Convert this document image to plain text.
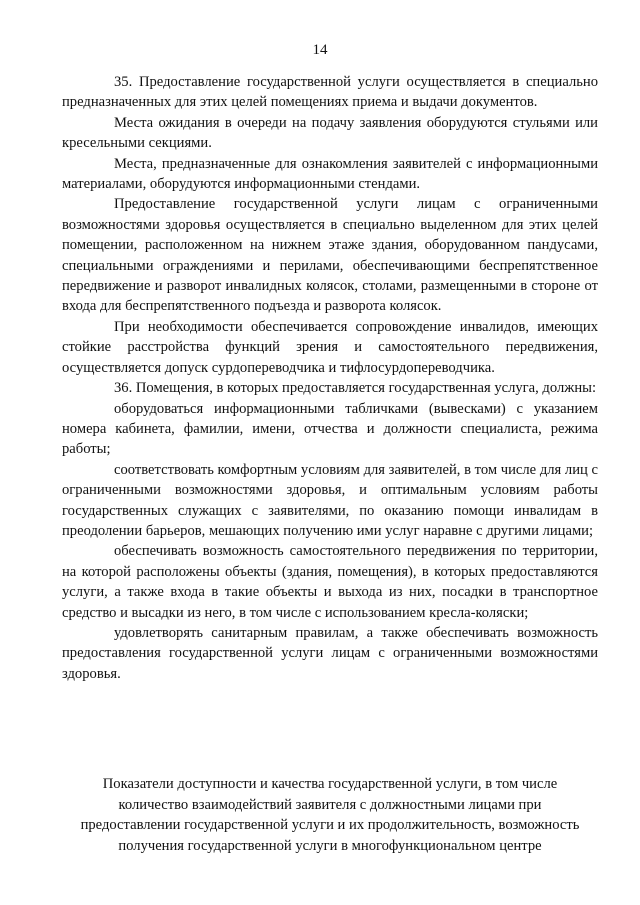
14

35. Предоставление государственной услуги осуществляется в специально предназначенных для этих целей помещениях приема и выдачи документов.

Места ожидания в очереди на подачу заявления оборудуются стульями или кресельными секциями.

Места, предназначенные для ознакомления заявителей с информационными материалами, оборудуются информационными стендами.

Предоставление государственной услуги лицам с ограниченными возможностями здоровья осуществляется в специально выделенном для этих целей помещении, расположенном на нижнем этаже здания, оборудованном пандусами, специальными ограждениями и перилами, обеспечивающими беспрепятственное передвижение и разворот инвалидных колясок, столами, размещенными в стороне от входа для беспрепятственного подъезда и разворота колясок.

При необходимости обеспечивается сопровождение инвалидов, имеющих стойкие расстройства функций зрения и самостоятельного передвижения, осуществляется допуск сурдопереводчика и тифлосурдопереводчика.

36. Помещения, в которых предоставляется государственная услуга, должны:

оборудоваться информационными табличками (вывесками) с указанием номера кабинета, фамилии, имени, отчества и должности специалиста, режима работы;

соответствовать комфортным условиям для заявителей, в том числе для лиц с ограниченными возможностями здоровья, и оптимальным условиям работы государственных служащих с заявителями, по оказанию помощи инвалидам в преодолении барьеров, мешающих получению ими услуг наравне с другими лицами;

обеспечивать возможность самостоятельного передвижения по территории, на которой расположены объекты (здания, помещения), в которых предоставляются услуги, а также входа в такие объекты и выхода из них, посадки в транспортное средство и высадки из него, в том числе с использованием кресла-коляски;

удовлетворять санитарным правилам, а также обеспечивать возможность предоставления государственной услуги лицам с ограниченными возможностями здоровья.

Показатели доступности и качества государственной услуги, в том числе

количество взаимодействий заявителя с должностными лицами при

предоставлении государственной услуги и их продолжительность, возможность

получения государственной услуги в многофункциональном центре
